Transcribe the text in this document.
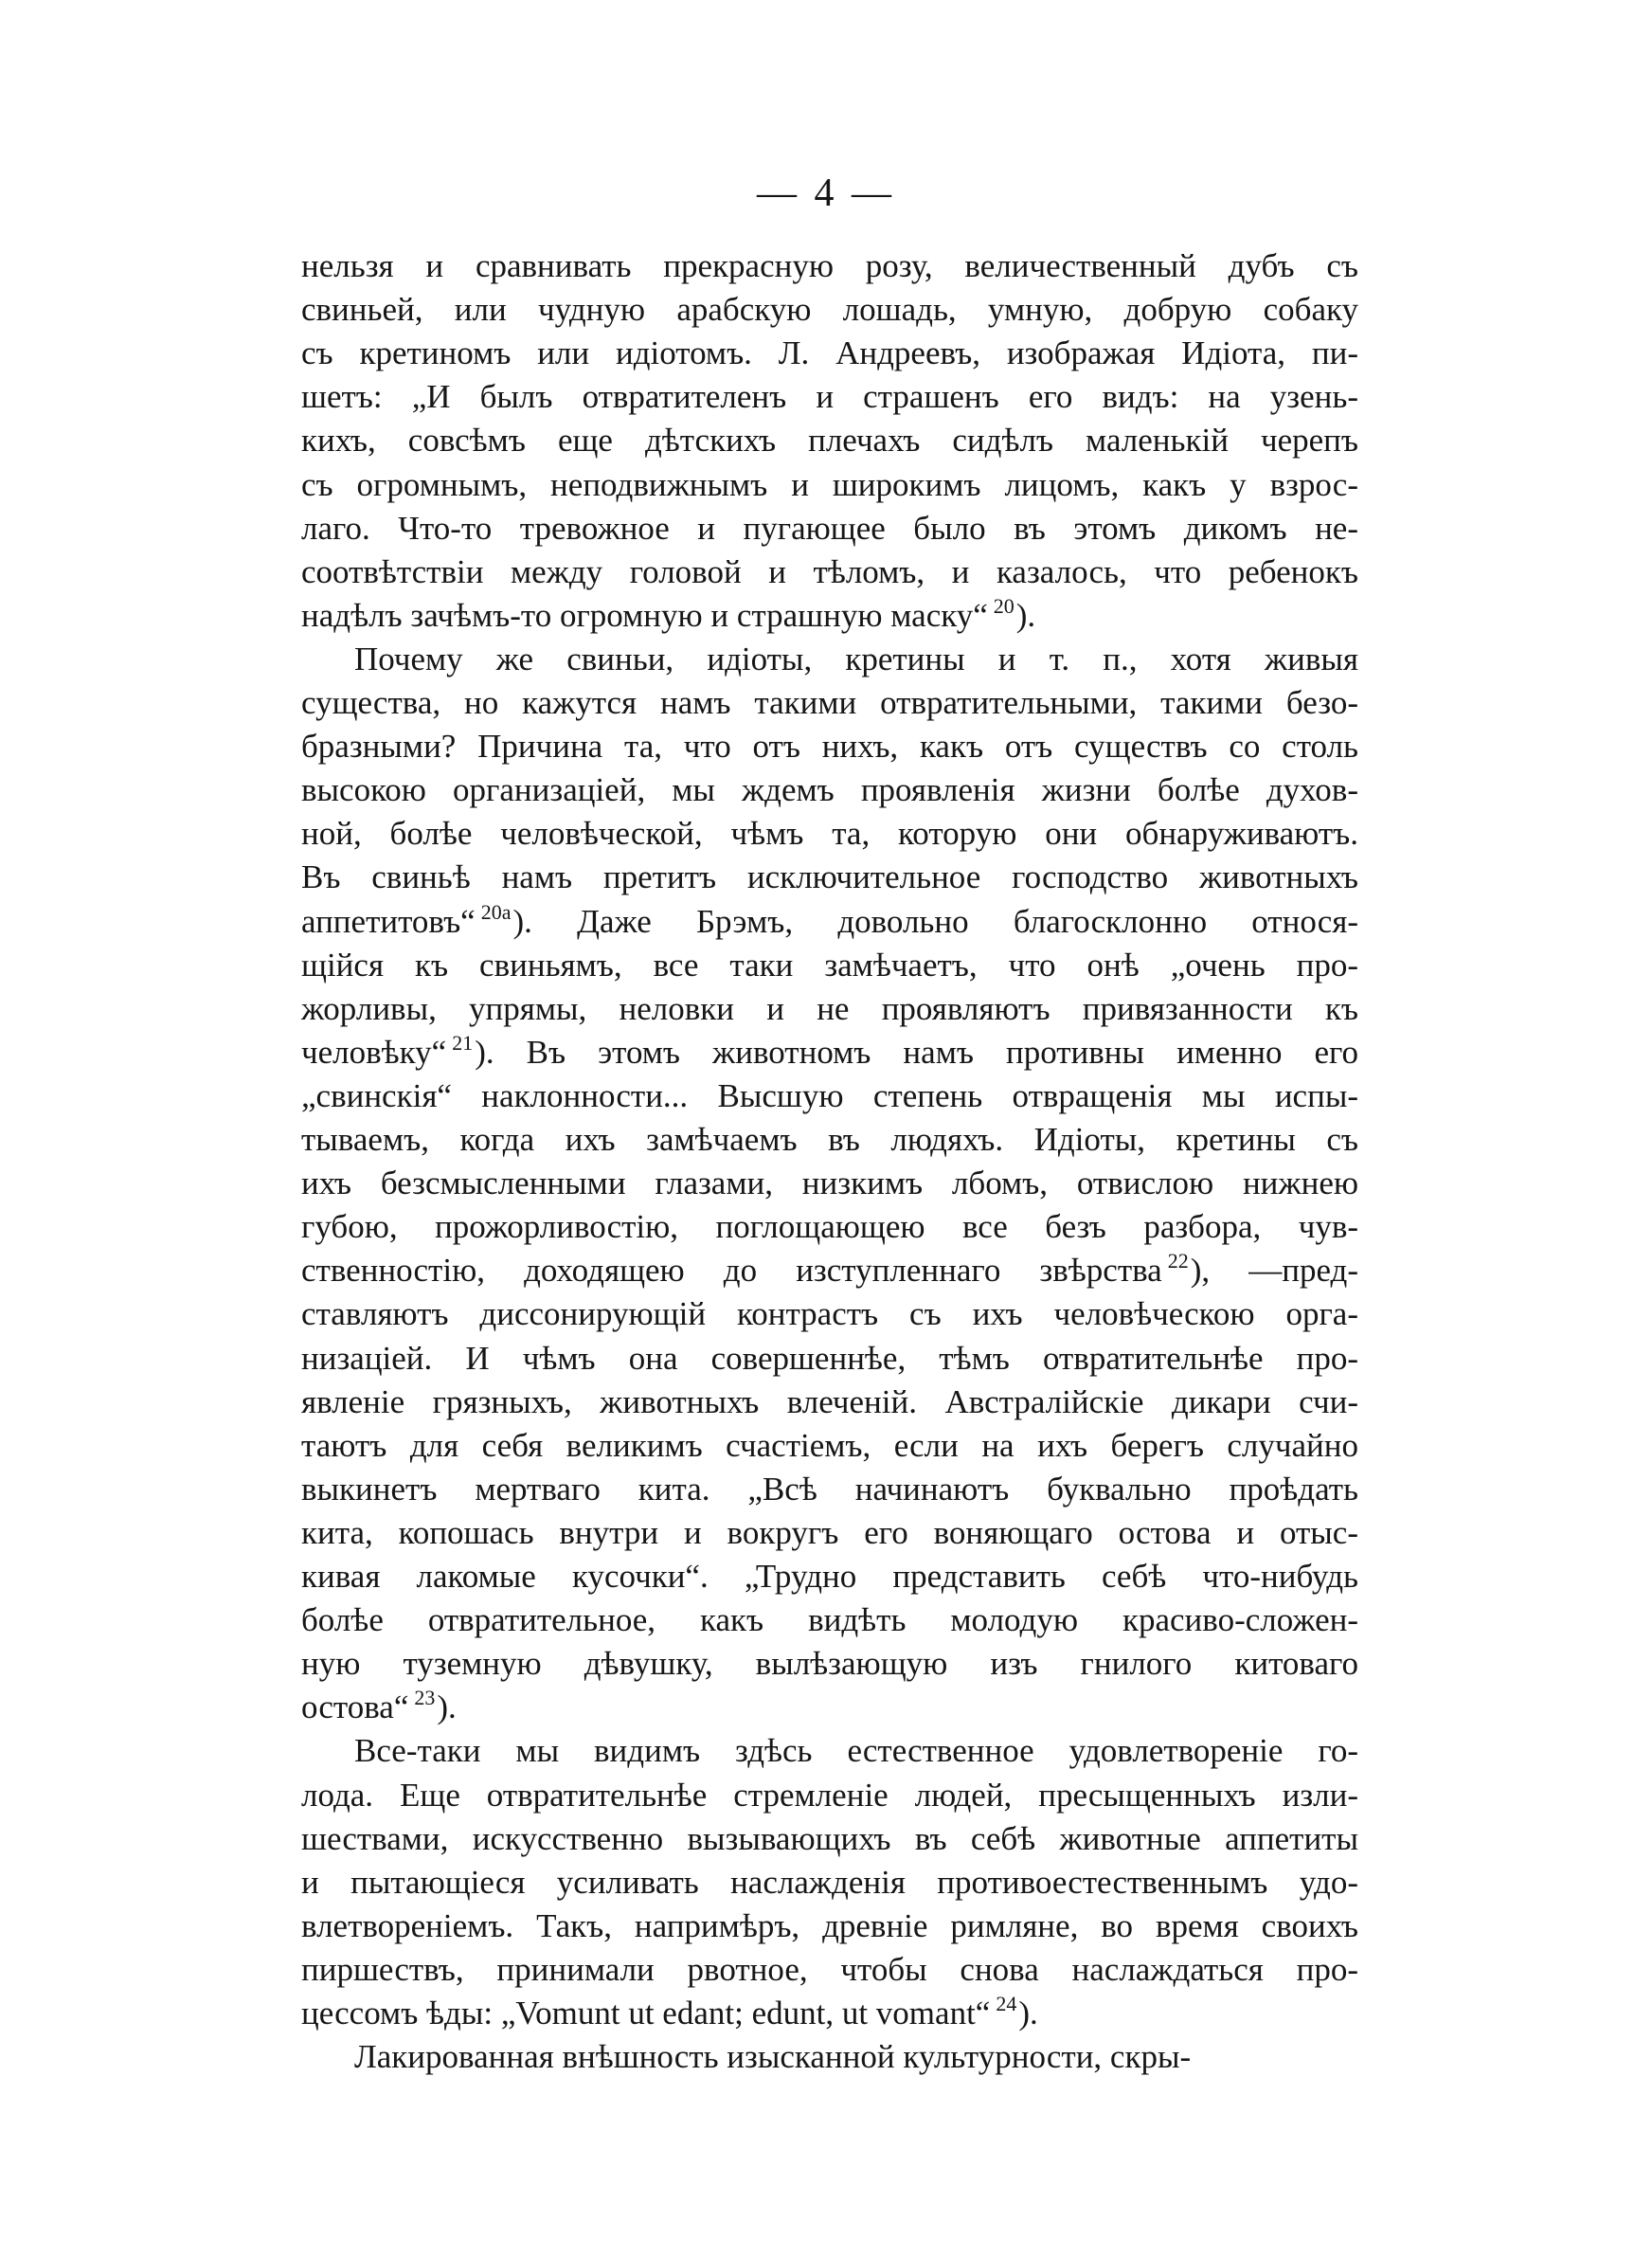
— 4 —
нельзя и сравнивать прекрасную розу, величественный дубъ съ
свиньей, или чудную арабскую лошадь, умную, добрую собаку
съ кретиномъ или идіотомъ. Л. Андреевъ, изображая Идіота, пи-
шетъ: „И былъ отвратителенъ и страшенъ его видъ: на узень-
кихъ, совсѣмъ еще дѣтскихъ плечахъ сидѣлъ маленькій черепъ
съ огромнымъ, неподвижнымъ и широкимъ лицомъ, какъ у взрос-
лаго. Что-то тревожное и пугающее было въ этомъ дикомъ не-
соотвѣтствіи между головой и тѣломъ, и казалось, что ребенокъ
надѣлъ зачѣмъ-то огромную и страшную маску“ $^{20}$).
Почему же свиньи, идіоты, кретины и т. п., хотя живыя
существа, но кажутся намъ такими отвратительными, такими безо-
бразными? Причина та, что отъ нихъ, какъ отъ существъ со столь
высокою организаціей, мы ждемъ проявленія жизни болѣе духов-
ной, болѣе человѣческой, чѣмъ та, которую они обнаруживаютъ.
Въ свиньѣ намъ претитъ исключительное господство животныхъ
аппетитовъ“ $^{20a}$). Даже Брэмъ, довольно благосклонно относя-
щійся къ свиньямъ, все таки замѣчаетъ, что онѣ „очень про-
жорливы, упрямы, неловки и не проявляютъ привязанности къ
человѣку“ $^{21}$). Въ этомъ животномъ намъ противны именно его
„свинскія“ наклонности... Высшую степень отвращенія мы испы-
тываемъ, когда ихъ замѣчаемъ въ людяхъ. Идіоты, кретины съ
ихъ безсмысленными глазами, низкимъ лбомъ, отвислою нижнею
губою, прожорливостію, поглощающею все безъ разбора, чув-
ственностію, доходящею до изступленнаго звѣрства $^{22}$), —пред-
ставляютъ диссонирующій контрастъ съ ихъ человѣческою орга-
низаціей. И чѣмъ она совершеннѣе, тѣмъ отвратительнѣе про-
явленіе грязныхъ, животныхъ влеченій. Австралійскіе дикари счи-
таютъ для себя великимъ счастіемъ, если на ихъ берегъ случайно
выкинетъ мертваго кита. „Всѣ начинаютъ буквально проѣдать
кита, копошась внутри и вокругъ его воняющаго остова и отыс-
кивая лакомые кусочки“. „Трудно представить себѣ что-нибудь
болѣе отвратительное, какъ видѣть молодую красиво-сложен-
ную туземную дѣвушку, вылѣзающую изъ гнилого китоваго
остова“ $^{23}$).
Все-таки мы видимъ здѣсь естественное удовлетвореніе го-
лода. Еще отвратительнѣе стремленіе людей, пресыщенныхъ изли-
шествами, искусственно вызывающихъ въ себѣ животные аппетиты
и пытающіеся усиливать наслажденія противоестественнымъ удо-
влетвореніемъ. Такъ, напримѣръ, древніе римляне, во время своихъ
пиршествъ, принимали рвотное, чтобы снова наслаждаться про-
цессомъ ѣды: „Vomunt ut edant; edunt, ut vomant“ $^{24}$).
Лакированная внѣшность изысканной культурности, скры-
